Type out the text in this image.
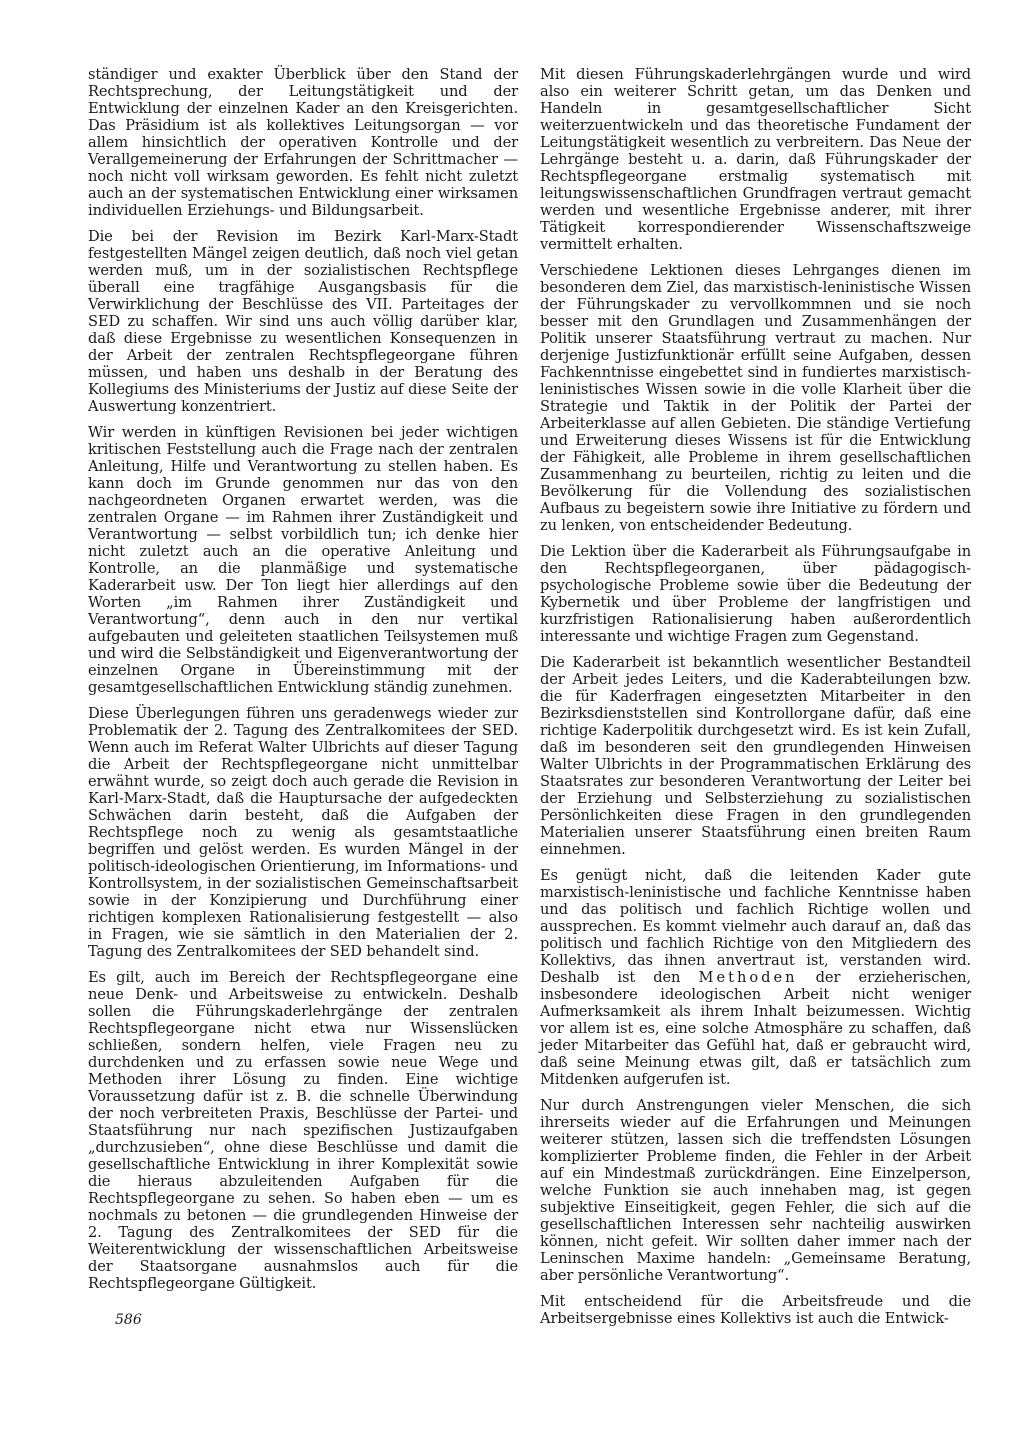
ständiger und exakter Überblick über den Stand der Rechtsprechung, der Leitungstätigkeit und der Entwicklung der einzelnen Kader an den Kreisgerichten. Das Präsidium ist als kollektives Leitungsorgan — vor allem hinsichtlich der operativen Kontrolle und der Verallgemeinerung der Erfahrungen der Schrittmacher — noch nicht voll wirksam geworden. Es fehlt nicht zuletzt auch an der systematischen Entwicklung einer wirksamen individuellen Erziehungs- und Bildungsarbeit.

Die bei der Revision im Bezirk Karl-Marx-Stadt festgestellten Mängel zeigen deutlich, daß noch viel getan werden muß, um in der sozialistischen Rechtspflege überall eine tragfähige Ausgangsbasis für die Verwirklichung der Beschlüsse des VII. Parteitages der SED zu schaffen. Wir sind uns auch völlig darüber klar, daß diese Ergebnisse zu wesentlichen Konsequenzen in der Arbeit der zentralen Rechtspflegeorgane führen müssen, und haben uns deshalb in der Beratung des Kollegiums des Ministeriums der Justiz auf diese Seite der Auswertung konzentriert.

Wir werden in künftigen Revisionen bei jeder wichtigen kritischen Feststellung auch die Frage nach der zentralen Anleitung, Hilfe und Verantwortung zu stellen haben. Es kann doch im Grunde genommen nur das von den nachgeordneten Organen erwartet werden, was die zentralen Organe — im Rahmen ihrer Zuständigkeit und Verantwortung — selbst vorbildlich tun; ich denke hier nicht zuletzt auch an die operative Anleitung und Kontrolle, an die planmäßige und systematische Kaderarbeit usw. Der Ton liegt hier allerdings auf den Worten „im Rahmen ihrer Zuständigkeit und Verantwortung“, denn auch in den nur vertikal aufgebauten und geleiteten staatlichen Teilsystemen muß und wird die Selbständigkeit und Eigenverantwortung der einzelnen Organe in Übereinstimmung mit der gesamtgesellschaftlichen Entwicklung ständig zunehmen.

Diese Überlegungen führen uns geradenwegs wieder zur Problematik der 2. Tagung des Zentralkomitees der SED. Wenn auch im Referat Walter Ulbrichts auf dieser Tagung die Arbeit der Rechtspflegeorgane nicht unmittelbar erwähnt wurde, so zeigt doch auch gerade die Revision in Karl-Marx-Stadt, daß die Hauptursache der aufgedeckten Schwächen darin besteht, daß die Aufgaben der Rechtspflege noch zu wenig als gesamtstaatliche begriffen und gelöst werden. Es wurden Mängel in der politisch-ideologischen Orientierung, im Informations- und Kontrollsystem, in der sozialistischen Gemeinschaftsarbeit sowie in der Konzipierung und Durchführung einer richtigen komplexen Rationalisierung festgestellt — also in Fragen, wie sie sämtlich in den Materialien der 2. Tagung des Zentralkomitees der SED behandelt sind.

Es gilt, auch im Bereich der Rechtspflegeorgane eine neue Denk- und Arbeitsweise zu entwickeln. Deshalb sollen die Führungskaderlehrgänge der zentralen Rechtspflegeorgane nicht etwa nur Wissenslücken schließen, sondern helfen, viele Fragen neu zu durchdenken und zu erfassen sowie neue Wege und Methoden ihrer Lösung zu finden. Eine wichtige Voraussetzung dafür ist z. B. die schnelle Überwindung der noch verbreiteten Praxis, Beschlüsse der Partei- und Staatsführung nur nach spezifischen Justizaufgaben „durchzusieben“, ohne diese Beschlüsse und damit die gesellschaftliche Entwicklung in ihrer Komplexität sowie die hieraus abzuleitenden Aufgaben für die Rechtspflegeorgane zu sehen. So haben eben — um es nochmals zu betonen — die grundlegenden Hinweise der 2. Tagung des Zentralkomitees der SED für die Weiterentwicklung der wissenschaftlichen Arbeitsweise der Staatsorgane ausnahmslos auch für die Rechtspflegeorgane Gültigkeit.

Mit diesen Führungskaderlehrgängen wurde und wird also ein weiterer Schritt getan, um das Denken und Handeln in gesamtgesellschaftlicher Sicht weiterzuentwickeln und das theoretische Fundament der Leitungstätigkeit wesentlich zu verbreitern. Das Neue der Lehrgänge besteht u. a. darin, daß Führungskader der Rechtspflegeorgane erstmalig systematisch mit leitungswissenschaftlichen Grundfragen vertraut gemacht werden und wesentliche Ergebnisse anderer, mit ihrer Tätigkeit korrespondierender Wissenschaftszweige vermittelt erhalten.

Verschiedene Lektionen dieses Lehrganges dienen im besonderen dem Ziel, das marxistisch-leninistische Wissen der Führungskader zu vervollkommnen und sie noch besser mit den Grundlagen und Zusammenhängen der Politik unserer Staatsführung vertraut zu machen. Nur derjenige Justizfunktionär erfüllt seine Aufgaben, dessen Fachkenntnisse eingebettet sind in fundiertes marxistisch-leninistisches Wissen sowie in die volle Klarheit über die Strategie und Taktik in der Politik der Partei der Arbeiterklasse auf allen Gebieten. Die ständige Vertiefung und Erweiterung dieses Wissens ist für die Entwicklung der Fähigkeit, alle Probleme in ihrem gesellschaftlichen Zusammenhang zu beurteilen, richtig zu leiten und die Bevölkerung für die Vollendung des sozialistischen Aufbaus zu begeistern sowie ihre Initiative zu fördern und zu lenken, von entscheidender Bedeutung.

Die Lektion über die Kaderarbeit als Führungsaufgabe in den Rechtspflegeorganen, über pädagogisch-psychologische Probleme sowie über die Bedeutung der Kybernetik und über Probleme der langfristigen und kurzfristigen Rationalisierung haben außerordentlich interessante und wichtige Fragen zum Gegenstand.

Die Kaderarbeit ist bekanntlich wesentlicher Bestandteil der Arbeit jedes Leiters, und die Kaderabteilungen bzw. die für Kaderfragen eingesetzten Mitarbeiter in den Bezirksdienststellen sind Kontrollorgane dafür, daß eine richtige Kaderpolitik durchgesetzt wird. Es ist kein Zufall, daß im besonderen seit den grundlegenden Hinweisen Walter Ulbrichts in der Programmatischen Erklärung des Staatsrates zur besonderen Verantwortung der Leiter bei der Erziehung und Selbsterziehung zu sozialistischen Persönlichkeiten diese Fragen in den grundlegenden Materialien unserer Staatsführung einen breiten Raum einnehmen.

Es genügt nicht, daß die leitenden Kader gute marxistisch-leninistische und fachliche Kenntnisse haben und das politisch und fachlich Richtige wollen und aussprechen. Es kommt vielmehr auch darauf an, daß das politisch und fachlich Richtige von den Mitgliedern des Kollektivs, das ihnen anvertraut ist, verstanden wird. Deshalb ist den Methoden der erzieherischen, insbesondere ideologischen Arbeit nicht weniger Aufmerksamkeit als ihrem Inhalt beizumessen. Wichtig vor allem ist es, eine solche Atmosphäre zu schaffen, daß jeder Mitarbeiter das Gefühl hat, daß er gebraucht wird, daß seine Meinung etwas gilt, daß er tatsächlich zum Mitdenken aufgerufen ist.

Nur durch Anstrengungen vieler Menschen, die sich ihrerseits wieder auf die Erfahrungen und Meinungen weiterer stützen, lassen sich die treffendsten Lösungen komplizierter Probleme finden, die Fehler in der Arbeit auf ein Mindestmaß zurückdrängen. Eine Einzelperson, welche Funktion sie auch innehaben mag, ist gegen subjektive Einseitigkeit, gegen Fehler, die sich auf die gesellschaftlichen Interessen sehr nachteilig auswirken können, nicht gefeit. Wir sollten daher immer nach der Leninschen Maxime handeln: „Gemeinsame Beratung, aber persönliche Verantwortung“.

Mit entscheidend für die Arbeitsfreude und die Arbeitsergebnisse eines Kollektivs ist auch die Entwick-

586
